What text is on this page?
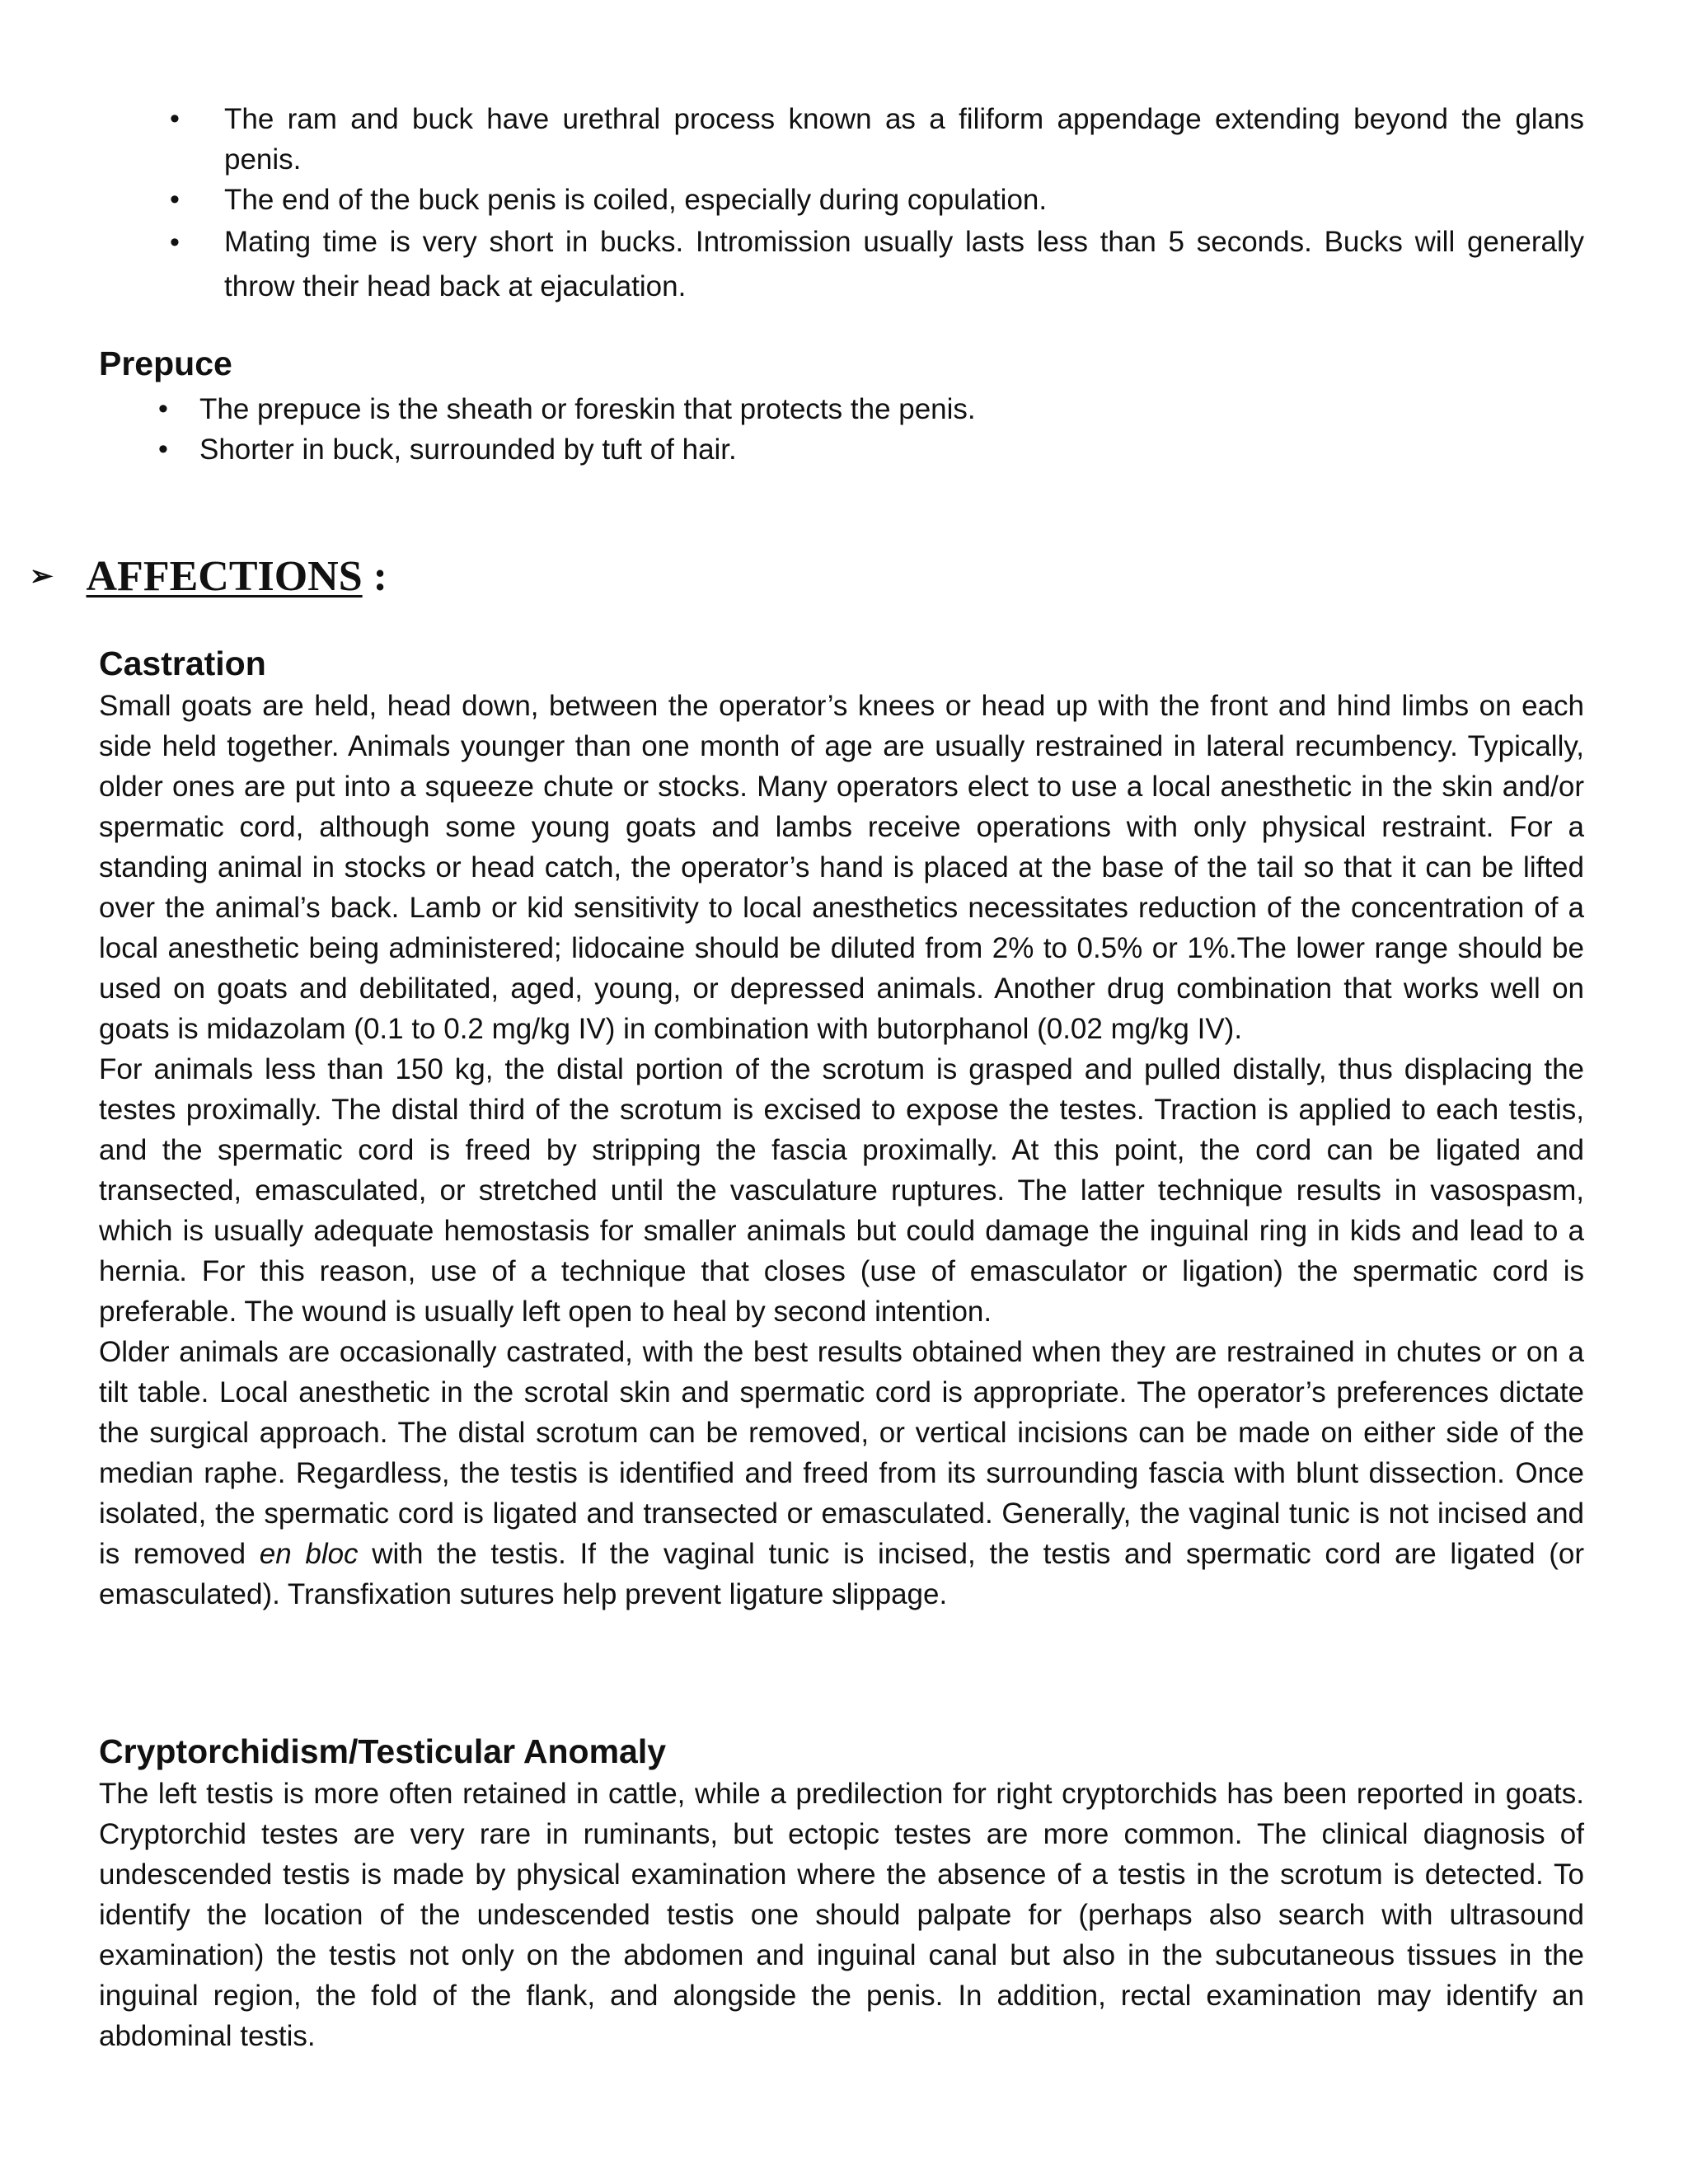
• The ram and buck have urethral process known as a filiform appendage extending beyond the glans penis.
• The end of the buck penis is coiled, especially during copulation.
• Mating time is very short in bucks. Intromission usually lasts less than 5 seconds. Bucks will generally throw their head back at ejaculation.
Prepuce
• The prepuce is the sheath or foreskin that protects the penis.
• Shorter in buck, surrounded by tuft of hair.
➢ AFFECTIONS :
Castration
Small goats are held, head down, between the operator’s knees or head up with the front and hind limbs on each side held together. Animals younger than one month of age are usually restrained in lateral recumbency. Typically, older ones are put into a squeeze chute or stocks. Many operators elect to use a local anesthetic in the skin and/or spermatic cord, although some young goats and lambs receive operations with only physical restraint. For a standing animal in stocks or head catch, the operator’s hand is placed at the base of the tail so that it can be lifted over the animal’s back. Lamb or kid sensitivity to local anesthetics necessitates reduction of the concentration of a local anesthetic being administered; lidocaine should be diluted from 2% to 0.5% or 1%.The lower range should be used on goats and debilitated, aged, young, or depressed animals. Another drug combination that works well on goats is midazolam (0.1 to 0.2 mg/kg IV) in combination with butorphanol (0.02 mg/kg IV).
For animals less than 150 kg, the distal portion of the scrotum is grasped and pulled distally, thus displacing the testes proximally. The distal third of the scrotum is excised to expose the testes. Traction is applied to each testis, and the spermatic cord is freed by stripping the fascia proximally. At this point, the cord can be ligated and transected, emasculated, or stretched until the vasculature ruptures. The latter technique results in vasospasm, which is usually adequate hemostasis for smaller animals but could damage the inguinal ring in kids and lead to a hernia. For this reason, use of a technique that closes (use of emasculator or ligation) the spermatic cord is preferable. The wound is usually left open to heal by second intention.
Older animals are occasionally castrated, with the best results obtained when they are restrained in chutes or on a tilt table. Local anesthetic in the scrotal skin and spermatic cord is appropriate. The operator’s preferences dictate the surgical approach. The distal scrotum can be removed, or vertical incisions can be made on either side of the median raphe. Regardless, the testis is identified and freed from its surrounding fascia with blunt dissection. Once isolated, the spermatic cord is ligated and transected or emasculated. Generally, the vaginal tunic is not incised and is removed en bloc with the testis. If the vaginal tunic is incised, the testis and spermatic cord are ligated (or emasculated). Transfixation sutures help prevent ligature slippage.
Cryptorchidism/Testicular Anomaly
The left testis is more often retained in cattle, while a predilection for right cryptorchids has been reported in goats. Cryptorchid testes are very rare in ruminants, but ectopic testes are more common. The clinical diagnosis of undescended testis is made by physical examination where the absence of a testis in the scrotum is detected. To identify the location of the undescended testis one should palpate for (perhaps also search with ultrasound examination) the testis not only on the abdomen and inguinal canal but also in the subcutaneous tissues in the inguinal region, the fold of the flank, and alongside the penis. In addition, rectal examination may identify an abdominal testis.
